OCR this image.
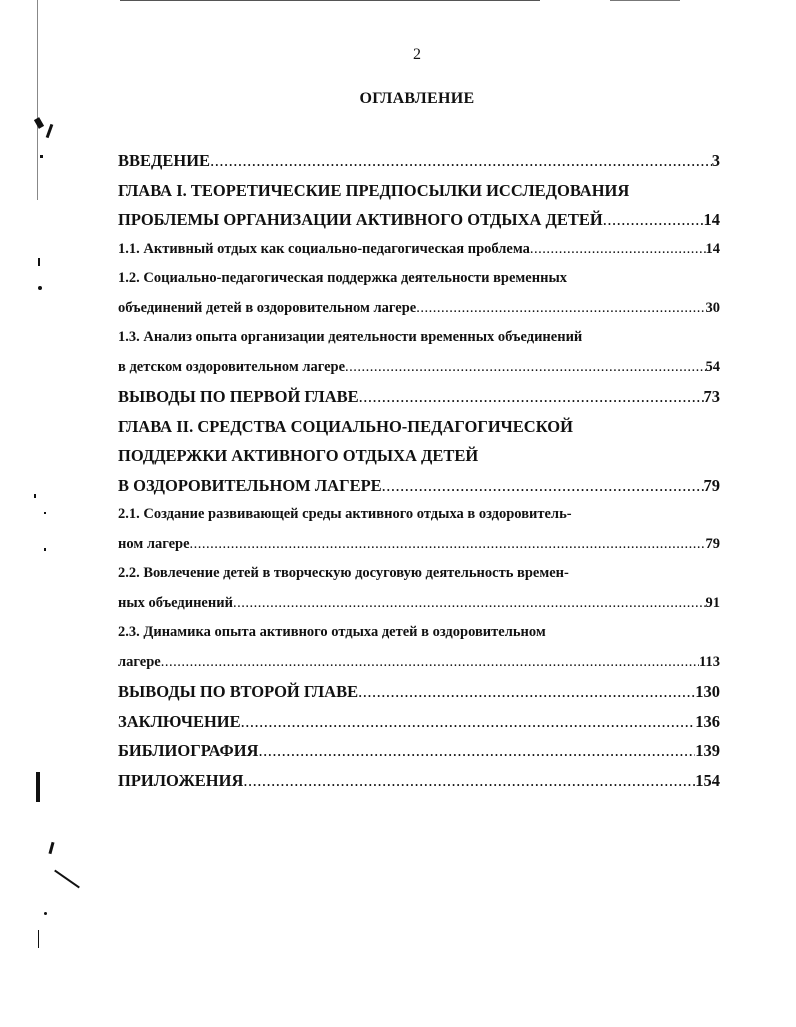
2
ОГЛАВЛЕНИЕ
ВВЕДЕНИЕ .....	3
ГЛАВА I. ТЕОРЕТИЧЕСКИЕ ПРЕДПОСЫЛКИ ИССЛЕДОВАНИЯ
ПРОБЛЕМЫ ОРГАНИЗАЦИИ АКТИВНОГО ОТДЫХА ДЕТЕЙ .....	14
1.1. Активный отдых как социально-педагогическая проблема .....	14
1.2. Социально-педагогическая поддержка деятельности временных
объединений детей в оздоровительном лагере .....	30
1.3. Анализ опыта организации деятельности временных объединений
в детском оздоровительном лагере .....	54
ВЫВОДЫ ПО ПЕРВОЙ ГЛАВЕ .....	73
ГЛАВА II. СРЕДСТВА СОЦИАЛЬНО-ПЕДАГОГИЧЕСКОЙ
ПОДДЕРЖКИ АКТИВНОГО ОТДЫХА ДЕТЕЙ
В ОЗДОРОВИТЕЛЬНОМ ЛАГЕРЕ .....	79
2.1. Создание развивающей среды активного отдыха в оздоровитель-
ном лагере .....	79
2.2. Вовлечение детей в творческую досуговую деятельность времен-
ных объединений .....	91
2.3. Динамика опыта активного отдыха детей в оздоровительном
лагере .....	113
ВЫВОДЫ ПО ВТОРОЙ ГЛАВЕ .....	130
ЗАКЛЮЧЕНИЕ .....	136
БИБЛИОГРАФИЯ .....	139
ПРИЛОЖЕНИЯ .....	154
